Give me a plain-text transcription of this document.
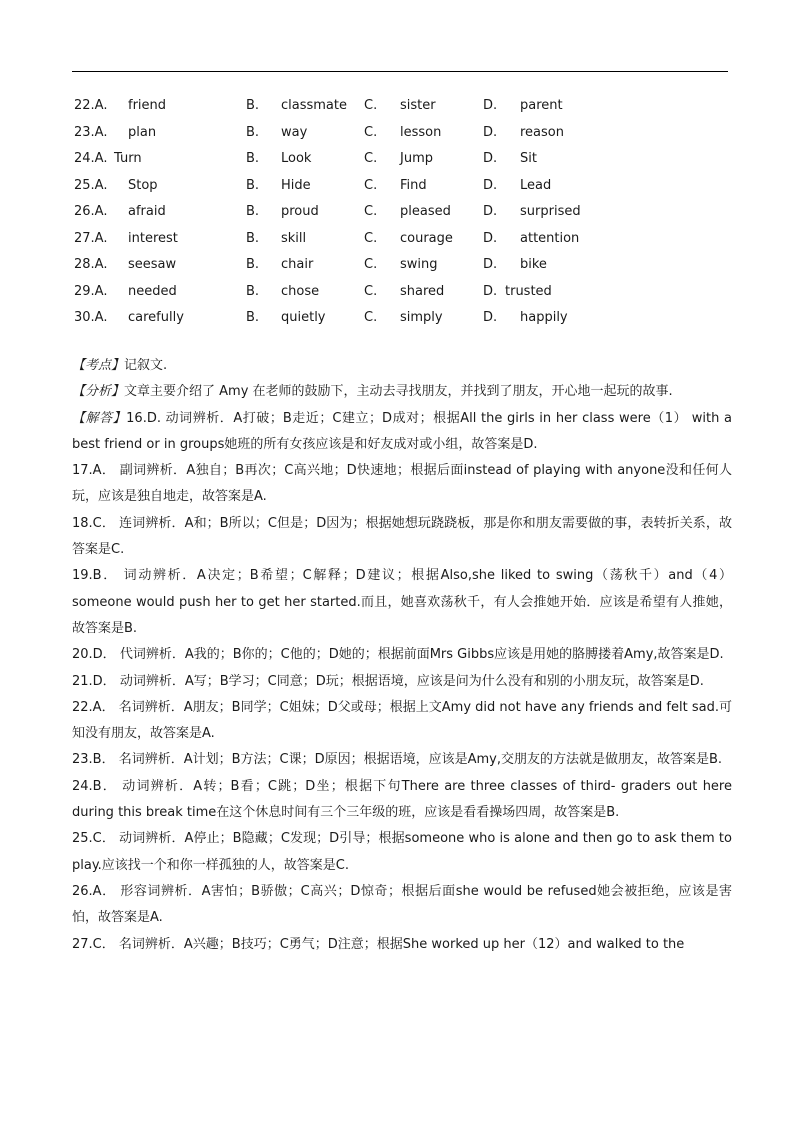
22.A. friend	B. classmate C. sister	D. parent
23.A. plan	B. way	C. lesson	D. reason
24.A. Turn	B. Look	C. Jump	D. Sit
25.A. Stop	B. Hide	C. Find	D. Lead
26.A. afraid	B. proud	C. pleased D. surprised
27.A. interest	B. skill	C. courage D. attention
28.A. seesaw	B. chair	C. swing	D. bike
29.A. needed	B. chose	C. shared	D. trusted
30.A. carefully	B. quietly	C. simply	D. happily

【考点】记叙文.

【分析】文章主要介绍了 Amy 在老师的鼓励下，主动去寻找朋友，并找到了朋友，开心地一起玩的故事.

【解答】16.D. 动词辨析．A打破；B走近；C建立；D成对；根据All the girls in her class were（1） with a best friend or in groups她班的所有女孩应该是和好友成对或小组，故答案是D.

17.A． 副词辨析．A独自；B再次；C高兴地；D快速地；根据后面instead of playing with anyone没和任何人玩，应该是独自地走，故答案是A.

18.C． 连词辨析．A和；B所以；C但是；D因为；根据她想玩跷跷板，那是你和朋友需要做的事，表转折关系，故答案是C.

19.B． 词动辨析．A决定；B希望；C解释；D建议；根据Also,she liked to swing（荡秋千）and（4） someone would push her to get her started.而且，她喜欢荡秋千，有人会推她开始．应该是希望有人推她，故答案是B.

20.D． 代词辨析．A我的；B你的；C他的；D她的；根据前面Mrs Gibbs应该是用她的胳膊搂着Amy,故答案是D.

21.D． 动词辨析．A写；B学习；C同意；D玩；根据语境，应该是问为什么没有和别的小朋友玩，故答案是D.

22.A． 名词辨析．A朋友；B同学；C姐妹；D父或母；根据上文Amy did not have any friends and felt sad.可知没有朋友，故答案是A.

23.B． 名词辨析．A计划；B方法；C课；D原因；根据语境，应该是Amy,交朋友的方法就是做朋友，故答案是B.

24.B． 动词辨析．A转；B看；C跳；D坐；根据下句There are three classes of third- graders out here during this break time在这个休息时间有三个三年级的班，应该是看看操场四周，故答案是B.

25.C． 动词辨析．A停止；B隐藏；C发现；D引导；根据someone who is alone and then go to ask them to play.应该找一个和你一样孤独的人，故答案是C.

26.A． 形容词辨析．A害怕；B骄傲；C高兴；D惊奇；根据后面she would be refused她会被拒绝，应该是害怕，故答案是A.

27.C． 名词辨析．A兴趣；B技巧；C勇气；D注意；根据She worked up her（12）and walked to the
